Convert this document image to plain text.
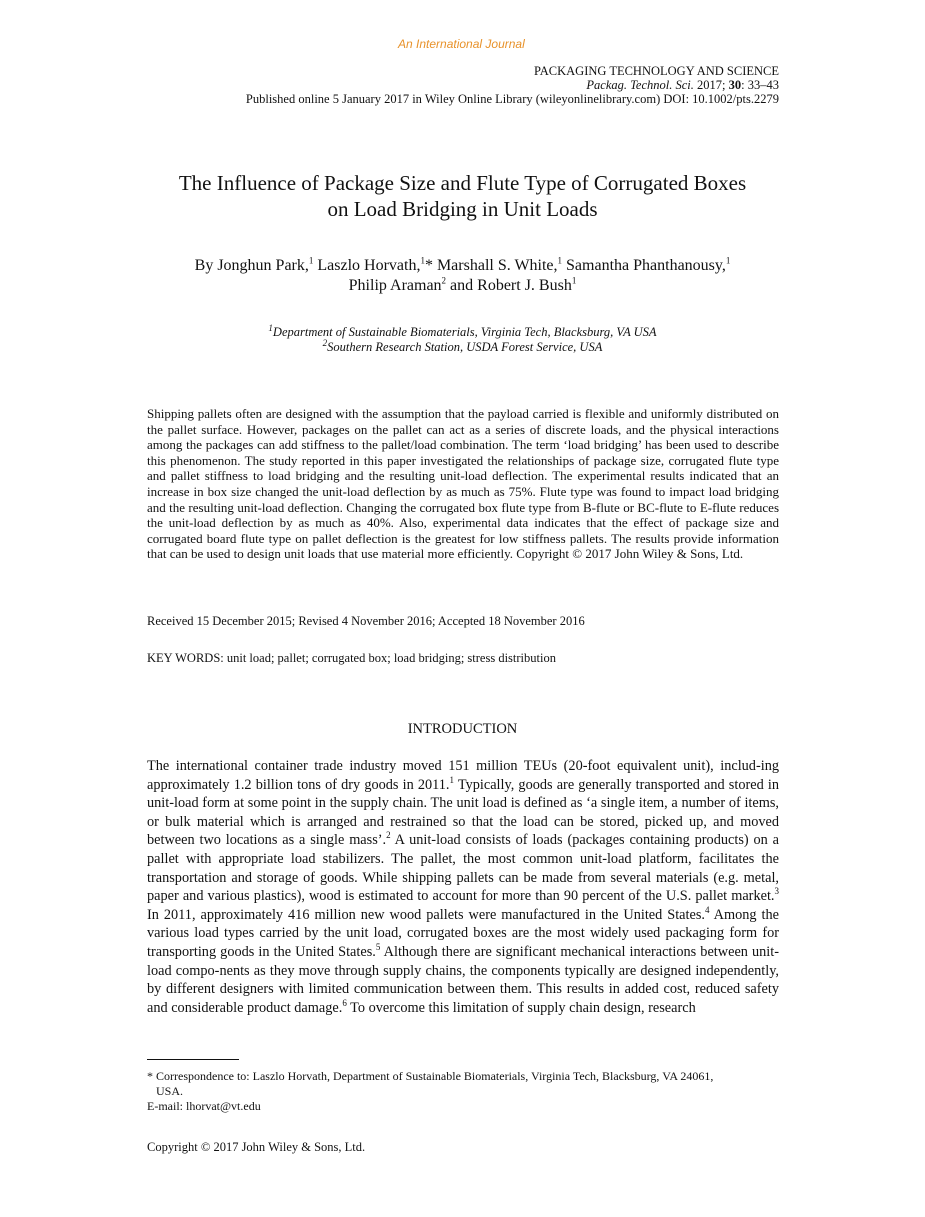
An International Journal
PACKAGING TECHNOLOGY AND SCIENCE
Packag. Technol. Sci. 2017; 30: 33–43
Published online 5 January 2017 in Wiley Online Library (wileyonlinelibrary.com) DOI: 10.1002/pts.2279
The Influence of Package Size and Flute Type of Corrugated Boxes
on Load Bridging in Unit Loads
By Jonghun Park,$^1$ Laszlo Horvath,$^1$* Marshall S. White,$^1$ Samantha Phanthanousy,$^1$
Philip Araman$^2$ and Robert J. Bush$^1$
$^1$Department of Sustainable Biomaterials, Virginia Tech, Blacksburg, VA USA
$^2$Southern Research Station, USDA Forest Service, USA
Shipping pallets often are designed with the assumption that the payload carried is flexible and uniformly distributed on the pallet surface. However, packages on the pallet can act as a series of discrete loads, and the physical interactions among the packages can add stiffness to the pallet/load combination. The term ‘load bridging’ has been used to describe this phenomenon. The study reported in this paper investigated the relationships of package size, corrugated flute type and pallet stiffness to load bridging and the resulting unit-load deflection. The experimental results indicated that an increase in box size changed the unit-load deflection by as much as 75%. Flute type was found to impact load bridging and the resulting unit-load deflection. Changing the corrugated box flute type from B-flute or BC-flute to E-flute reduces the unit-load deflection by as much as 40%. Also, experimental data indicates that the effect of package size and corrugated board flute type on pallet deflection is the greatest for low stiffness pallets. The results provide information that can be used to design unit loads that use material more efficiently. Copyright © 2017 John Wiley & Sons, Ltd.
Received 15 December 2015; Revised 4 November 2016; Accepted 18 November 2016
KEY WORDS: unit load; pallet; corrugated box; load bridging; stress distribution
INTRODUCTION
The international container trade industry moved 151 million TEUs (20-foot equivalent unit), includ-ing approximately 1.2 billion tons of dry goods in 2011.$^1$ Typically, goods are generally transported and stored in unit-load form at some point in the supply chain. The unit load is defined as ‘a single item, a number of items, or bulk material which is arranged and restrained so that the load can be stored, picked up, and moved between two locations as a single mass’.$^2$ A unit-load consists of loads (packages containing products) on a pallet with appropriate load stabilizers. The pallet, the most common unit-load platform, facilitates the transportation and storage of goods. While shipping pallets can be made from several materials (e.g. metal, paper and various plastics), wood is estimated to account for more than 90 percent of the U.S. pallet market.$^3$ In 2011, approximately 416 million new wood pallets were manufactured in the United States.$^4$ Among the various load types carried by the unit load, corrugated boxes are the most widely used packaging form for transporting goods in the United States.$^5$ Although there are significant mechanical interactions between unit-load compo-nents as they move through supply chains, the components typically are designed independently, by different designers with limited communication between them. This results in added cost, reduced safety and considerable product damage.$^6$ To overcome this limitation of supply chain design, research
* Correspondence to: Laszlo Horvath, Department of Sustainable Biomaterials, Virginia Tech, Blacksburg, VA 24061,
USA.
E-mail: lhorvat@vt.edu
Copyright © 2017 John Wiley & Sons, Ltd.
